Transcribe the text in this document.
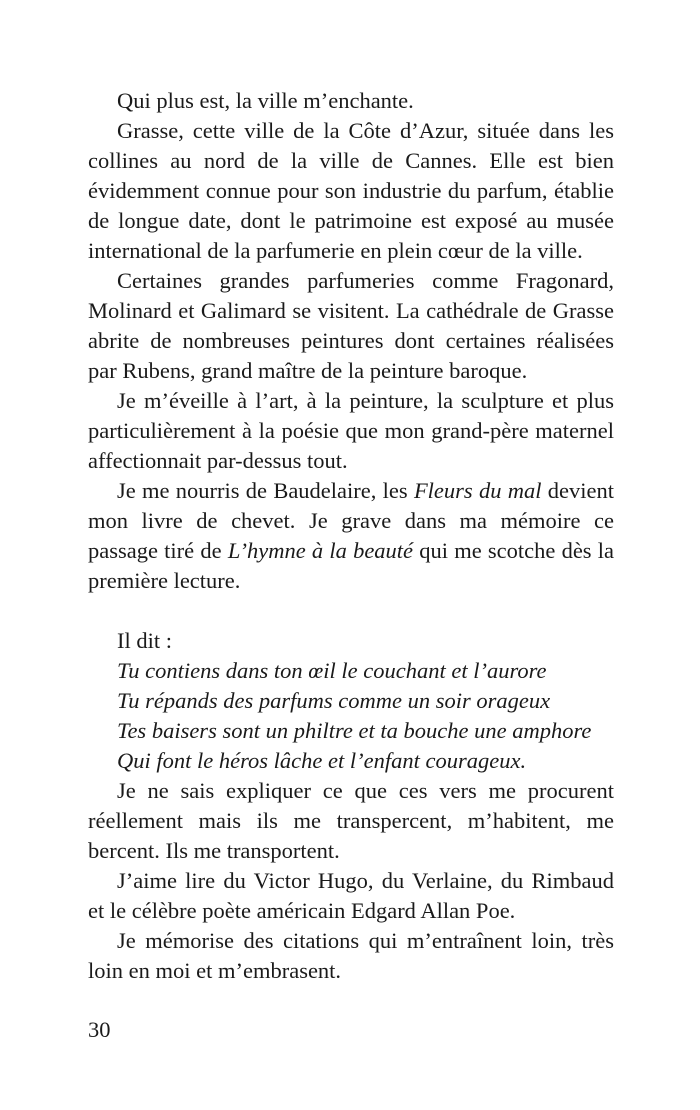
Qui plus est, la ville m’enchante.

Grasse, cette ville de la Côte d’Azur, située dans les collines au nord de la ville de Cannes. Elle est bien évidemment connue pour son industrie du parfum, établie de longue date, dont le patrimoine est exposé au musée international de la parfumerie en plein cœur de la ville.

Certaines grandes parfumeries comme Fragonard, Molinard et Galimard se visitent. La cathédrale de Grasse abrite de nombreuses peintures dont certaines réalisées par Rubens, grand maître de la peinture baroque.

Je m’éveille à l’art, à la peinture, la sculpture et plus particulièrement à la poésie que mon grand-père maternel affectionnait par-dessus tout.

Je me nourris de Baudelaire, les Fleurs du mal devient mon livre de chevet. Je grave dans ma mémoire ce passage tiré de L’hymne à la beauté qui me scotche dès la première lecture.

Il dit :
Tu contiens dans ton œil le couchant et l’aurore
Tu répands des parfums comme un soir orageux
Tes baisers sont un philtre et ta bouche une amphore
Qui font le héros lâche et l’enfant courageux.

Je ne sais expliquer ce que ces vers me procurent réellement mais ils me transpercent, m’habitent, me bercent. Ils me transportent.

J’aime lire du Victor Hugo, du Verlaine, du Rimbaud et le célèbre poète américain Edgard Allan Poe.

Je mémorise des citations qui m’entraînent loin, très loin en moi et m’embrasent.

30
